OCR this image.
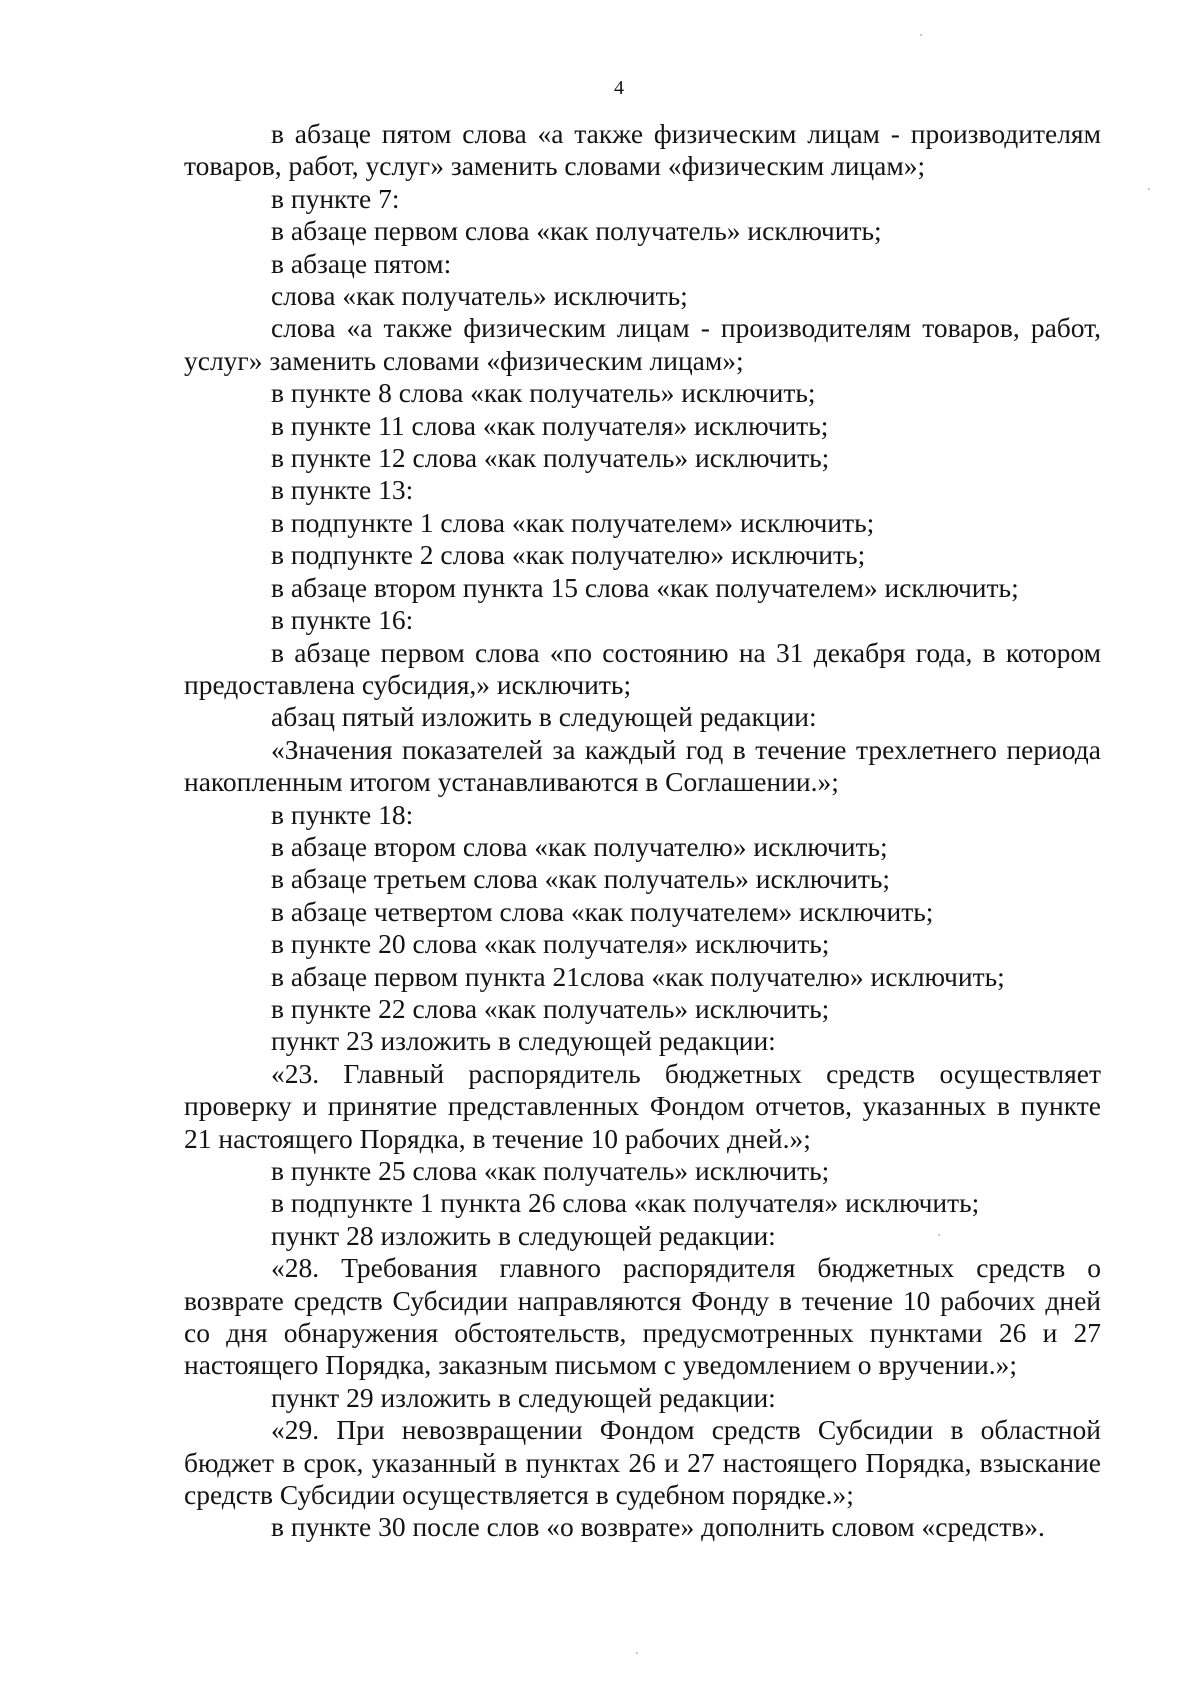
4

в абзаце пятом слова «а также физическим лицам - производителям товаров, работ, услуг» заменить словами «физическим лицам»;

в пункте 7:

в абзаце первом слова «как получатель» исключить;

в абзаце пятом:

слова «как получатель» исключить;

слова «а также физическим лицам - производителям товаров, работ, услуг» заменить словами «физическим лицам»;

в пункте 8 слова «как получатель» исключить;

в пункте 11 слова «как получателя» исключить;

в пункте 12 слова «как получатель» исключить;

в пункте 13:

в подпункте 1 слова «как получателем» исключить;

в подпункте 2 слова «как получателю» исключить;

в абзаце втором пункта 15 слова «как получателем» исключить;

в пункте 16:

в абзаце первом слова «по состоянию на 31 декабря года, в котором предоставлена субсидия,» исключить;

абзац пятый изложить в следующей редакции:

«Значения показателей за каждый год в течение трехлетнего периода накопленным итогом устанавливаются в Соглашении.»;

в пункте 18:

в абзаце втором слова «как получателю» исключить;

в абзаце третьем слова «как получатель» исключить;

в абзаце четвертом слова «как получателем» исключить;

в пункте 20 слова «как получателя» исключить;

в абзаце первом пункта 21слова «как получателю» исключить;

в пункте 22 слова «как получатель» исключить;

пункт 23 изложить в следующей редакции:

«23. Главный распорядитель бюджетных средств осуществляет проверку и принятие представленных Фондом отчетов, указанных в пункте 21 настоящего Порядка, в течение 10 рабочих дней.»;

в пункте 25 слова «как получатель» исключить;

в подпункте 1 пункта 26 слова «как получателя» исключить;

пункт 28 изложить в следующей редакции:

«28. Требования главного распорядителя бюджетных средств о возврате средств Субсидии направляются Фонду в течение 10 рабочих дней со дня обнаружения обстоятельств, предусмотренных пунктами 26 и 27 настоящего Порядка, заказным письмом с уведомлением о вручении.»;

пункт 29 изложить в следующей редакции:

«29. При невозвращении Фондом средств Субсидии в областной бюджет в срок, указанный в пунктах 26 и 27 настоящего Порядка, взыскание средств Субсидии осуществляется в судебном порядке.»;

в пункте 30 после слов «о возврате» дополнить словом «средств».
